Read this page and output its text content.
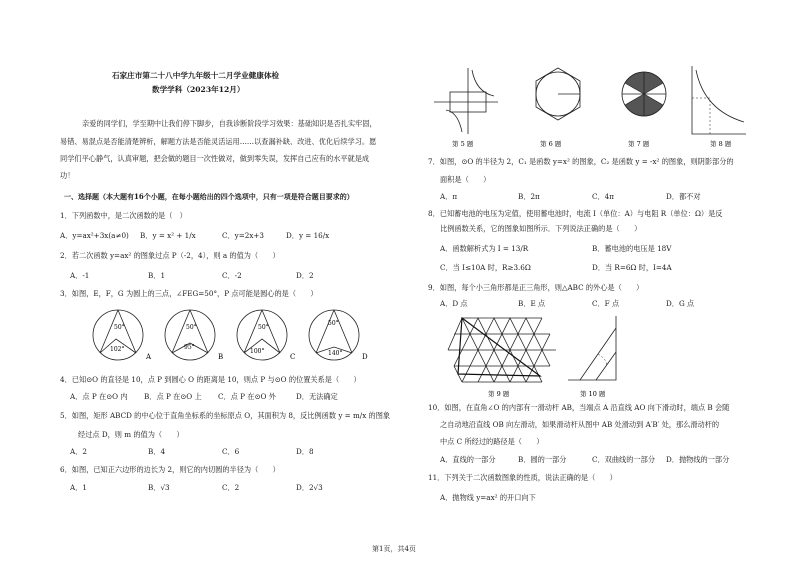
石家庄市第二十八中学九年级十二月学业健康体检
数学学科（2023年12月）
亲爱的同学们，学至期中让我们停下脚步，自我诊断阶段学习效果：基础知识是否扎实牢固，
易错、易混点是否能清楚辨析，解题方法是否能灵活运用……以查漏补缺、改进、优化后续学习。愿
同学们平心静气，认真审题，把会做的题目一次性做对，做到零失误，发挥自己应有的水平就是成
功！
一、选择题（本大题有16个小题，在每小题给出的四个选项中，只有一项是符合题目要求的）
1．下列函数中，是二次函数的是（　）
A．y=ax²+3x(a≠0) B．y = x² + 1/x	C．y=2x+3	D．y = 16/x
2．若二次函数 y=ax² 的图象过点 P（-2，4），则 a 的值为（　　）
A．-1	B．1	C．-2	D．2
3．如图，E，F，G 为圆上的三点，∠FEG=50°，P 点可能是圆心的是（　　）
50°
102°
A
50°
95°
B
50°
100°
C
50°
140°	D
4．已知⊙O 的直径是 10，点 P 到圆心 O 的距离是 10，则点 P 与⊙O 的位置关系是（　　）
A．点 P 在⊙O 内 B．点 P 在⊙O 上 C．点 P 在⊙O 外	D．无法确定
5．如图，矩形 ABCD 的中心位于直角坐标系的坐标原点 O，其面积为 8，反比例函数 y = m/x 的图象
经过点 D，则 m 的值为（　　）
A．2	B．4	C．6	D．8
6．如图，已知正六边形的边长为 2，则它的内切圆的半径为（　　）
A．1	B．√3	C．2	D．2√3
第1页，共4页
第 5 题	第 6 题	第 7 题	第 8 题
7．如图，⊙O 的半径为 2，C₁ 是函数 y=x² 的图象，C₂ 是函数 y = -x² 的图象，则阴影部分的
面积是（　　）
A．π	B．2π	C．4π	D．都不对
8．已知蓄电池的电压为定值，使用蓄电池时，电流 I（单位：A）与电阻 R（单位：Ω）是反
比例函数关系，它的图象如图所示．下列说法正确的是（　　）
A．函数解析式为 I = 13/R	B．蓄电池的电压是 18V
C．当 I≤10A 时，R≥3.6Ω	D．当 R=6Ω 时，I=4A
9．如图，每个小三角形都是正三角形，则△ABC 的外心是（　　）
A．D 点	B．E 点	C．F 点	D．G 点
第 9 题	第 10 题
10．如图，在直角∠O 的内部有一滑动杆 AB，当端点 A 沿直线 AO 向下滑动时，端点 B 会随
之自动地沿直线 OB 向左滑动，如果滑动杆从图中 AB 处滑动到 A′B′ 处，那么滑动杆的
中点 C 所经过的路径是（　　）
A．直线的一部分	B．圆的一部分	C．双曲线的一部分 D．抛物线的一部分
11．下列关于二次函数图象的性质，说法正确的是（　　）
A．抛物线 y=ax² 的开口向下
